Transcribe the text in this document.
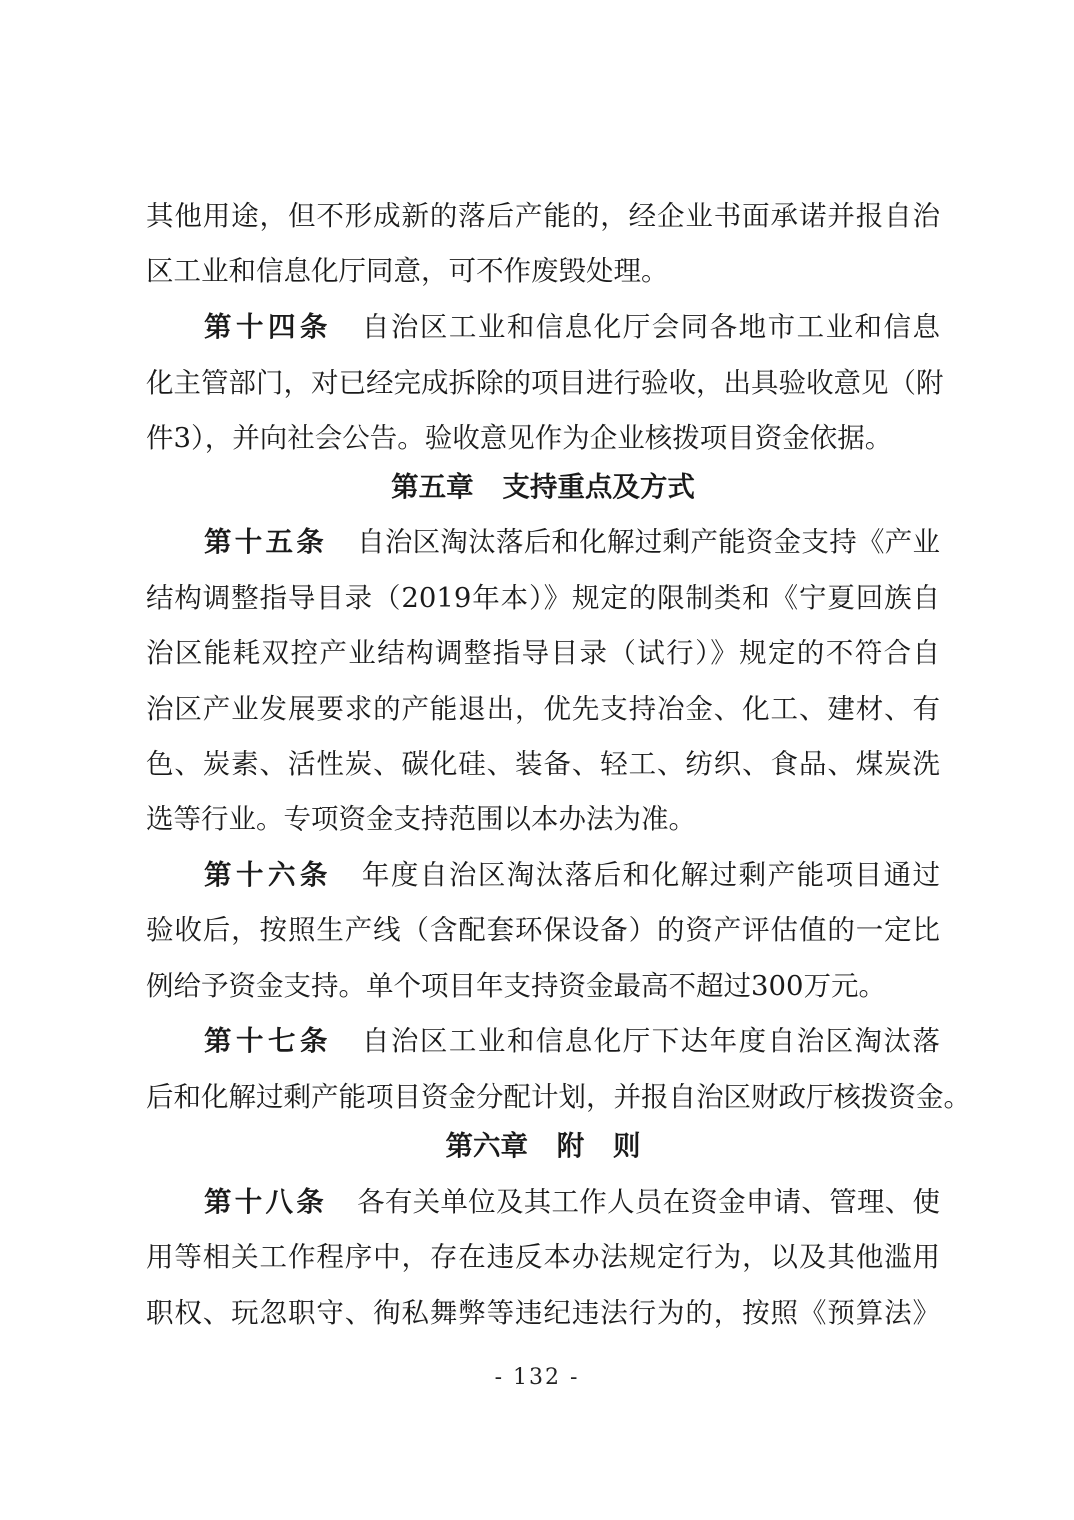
其他用途，但不形成新的落后产能的，经企业书面承诺并报自治
区工业和信息化厅同意，可不作废毁处理。
第十四条 自治区工业和信息化厅会同各地市工业和信息
化主管部门，对已经完成拆除的项目进行验收，出具验收意见（附
件3），并向社会公告。验收意见作为企业核拨项目资金依据。
第五章   支持重点及方式
第十五条 自治区淘汰落后和化解过剩产能资金支持《产业
结构调整指导目录（2019年本）》规定的限制类和《宁夏回族自
治区能耗双控产业结构调整指导目录（试行）》规定的不符合自
治区产业发展要求的产能退出，优先支持冶金、化工、建材、有
色、炭素、活性炭、碳化硅、装备、轻工、纺织、食品、煤炭洗
选等行业。专项资金支持范围以本办法为准。
第十六条 年度自治区淘汰落后和化解过剩产能项目通过
验收后，按照生产线（含配套环保设备）的资产评估值的一定比
例给予资金支持。单个项目年支持资金最高不超过300万元。
第十七条 自治区工业和信息化厅下达年度自治区淘汰落
后和化解过剩产能项目资金分配计划，并报自治区财政厅核拨资金。
第六章   附   则
第十八条 各有关单位及其工作人员在资金申请、管理、使
用等相关工作程序中，存在违反本办法规定行为，以及其他滥用
职权、玩忽职守、徇私舞弊等违纪违法行为的，按照《预算法》
- 132 -
